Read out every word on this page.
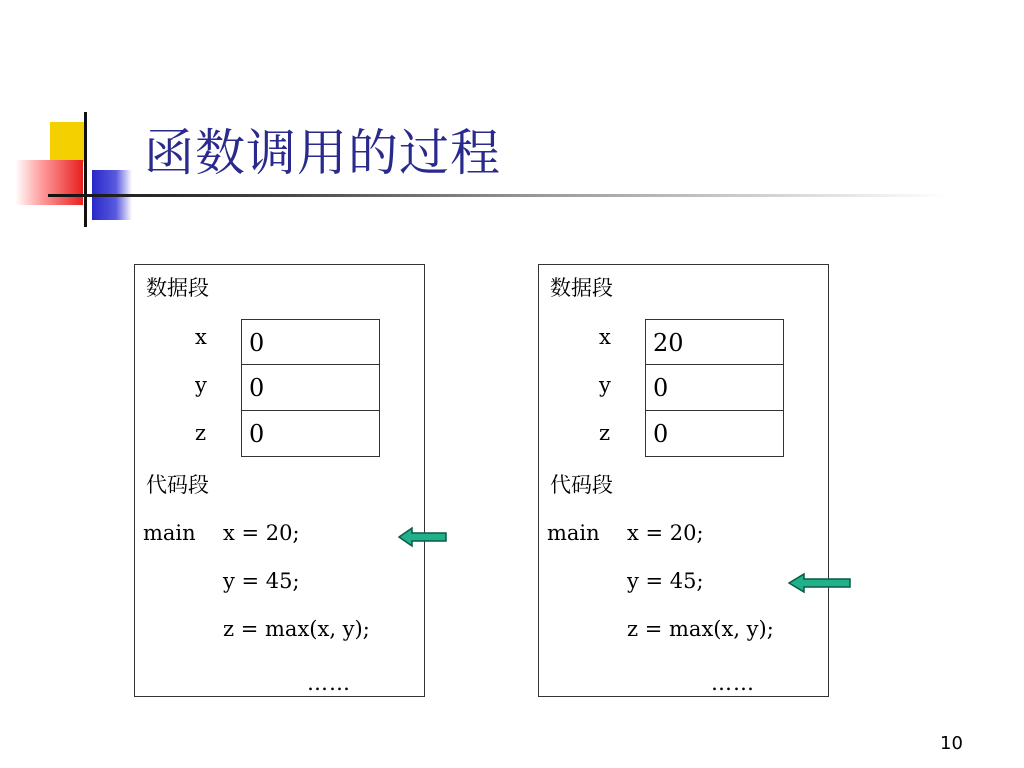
函数调用的过程
数据段
x
y
z
0
0
0
代码段
main x = 20;
y = 45;
z = max(x, y);
……
数据段
x
y
z
20
0
0
代码段
main x = 20;
y = 45;
z = max(x, y);
……
10
